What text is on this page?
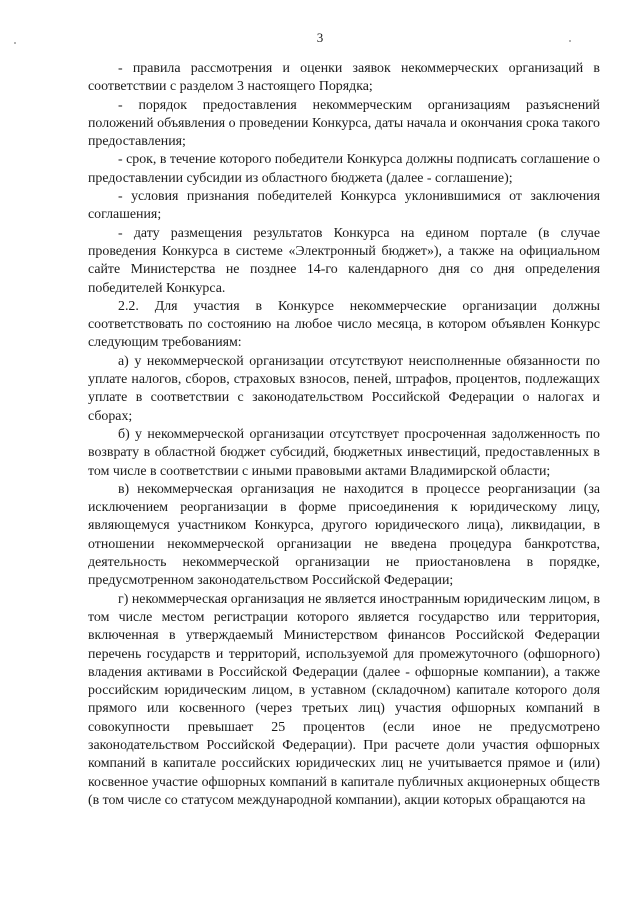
3

- правила рассмотрения и оценки заявок некоммерческих организаций в соответствии с разделом 3 настоящего Порядка;

- порядок предоставления некоммерческим организациям разъяснений положений объявления о проведении Конкурса, даты начала и окончания срока такого предоставления;

- срок, в течение которого победители Конкурса должны подписать соглашение о предоставлении субсидии из областного бюджета (далее - соглашение);

- условия признания победителей Конкурса уклонившимися от заключения соглашения;

- дату размещения результатов Конкурса на едином портале (в случае проведения Конкурса в системе «Электронный бюджет»), а также на официальном сайте Министерства не позднее 14-го календарного дня со дня определения победителей Конкурса.

2.2. Для участия в Конкурсе некоммерческие организации должны соответствовать по состоянию на любое число месяца, в котором объявлен Конкурс следующим требованиям:

а) у некоммерческой организации отсутствуют неисполненные обязанности по уплате налогов, сборов, страховых взносов, пеней, штрафов, процентов, подлежащих уплате в соответствии с законодательством Российской Федерации о налогах и сборах;

б) у некоммерческой организации отсутствует просроченная задолженность по возврату в областной бюджет субсидий, бюджетных инвестиций, предоставленных в том числе в соответствии с иными правовыми актами Владимирской области;

в) некоммерческая организация не находится в процессе реорганизации (за исключением реорганизации в форме присоединения к юридическому лицу, являющемуся участником Конкурса, другого юридического лица), ликвидации, в отношении некоммерческой организации не введена процедура банкротства, деятельность некоммерческой организации не приостановлена в порядке, предусмотренном законодательством Российской Федерации;

г) некоммерческая организация не является иностранным юридическим лицом, в том числе местом регистрации которого является государство или территория, включенная в утверждаемый Министерством финансов Российской Федерации перечень государств и территорий, используемой для промежуточного (офшорного) владения активами в Российской Федерации (далее - офшорные компании), а также российским юридическим лицом, в уставном (складочном) капитале которого доля прямого или косвенного (через третьих лиц) участия офшорных компаний в совокупности превышает 25 процентов (если иное не предусмотрено законодательством Российской Федерации). При расчете доли участия офшорных компаний в капитале российских юридических лиц не учитывается прямое и (или) косвенное участие офшорных компаний в капитале публичных акционерных обществ (в том числе со статусом международной компании), акции которых обращаются на
